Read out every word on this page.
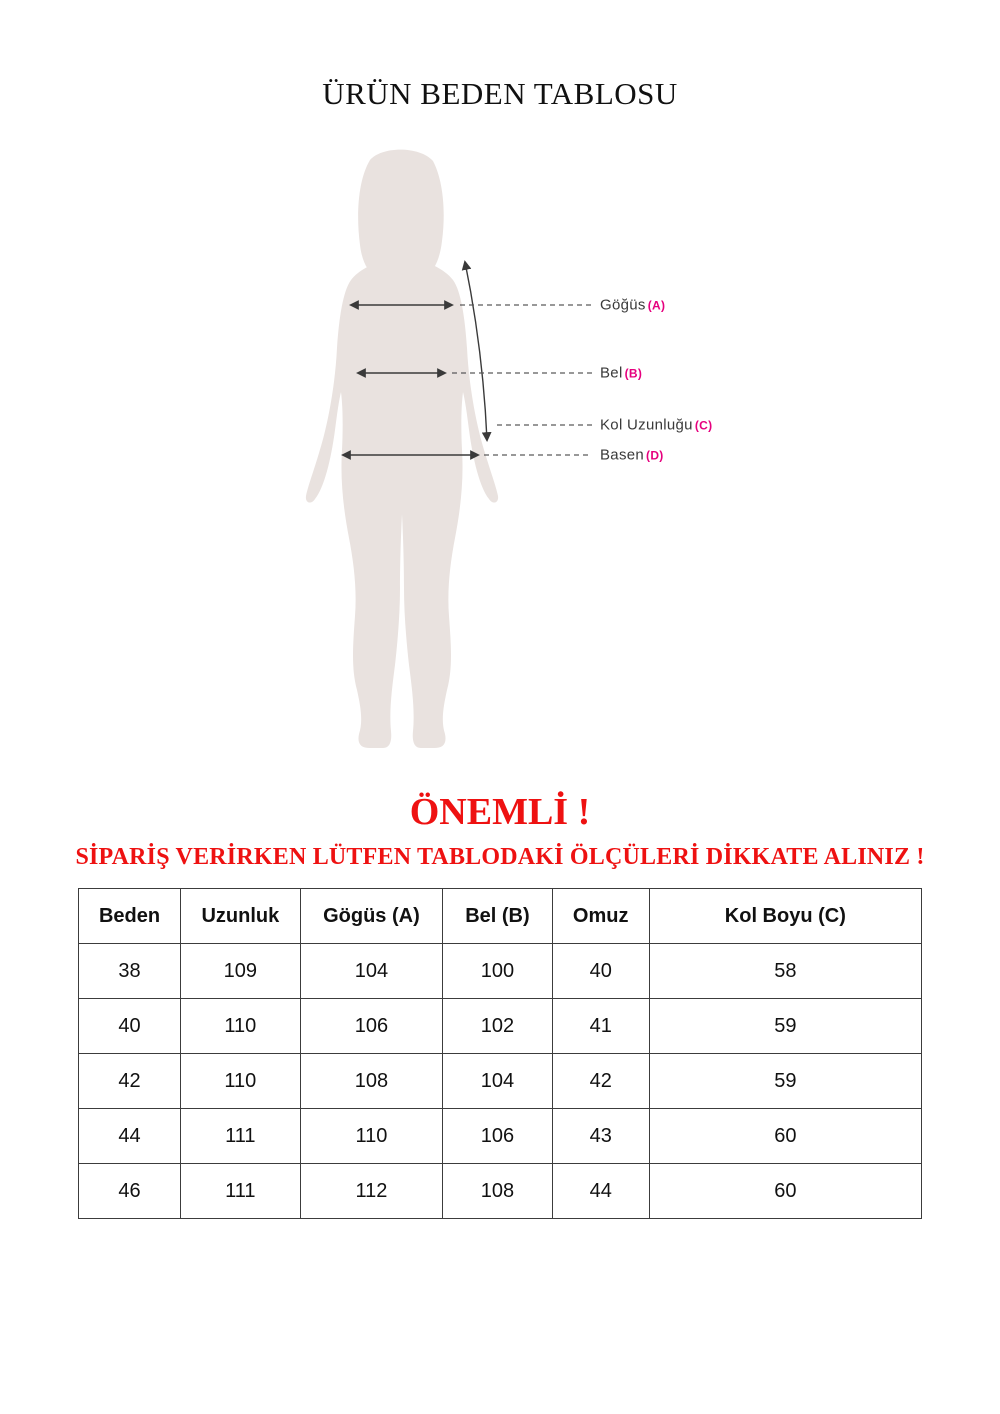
ÜRÜN BEDEN TABLOSU
Göğüs (A)
Bel (B)
Kol Uzunluğu (C)
Basen (D)
ÖNEMLİ !
SİPARİŞ VERİRKEN LÜTFEN TABLODAKİ ÖLÇÜLERİ DİKKATE ALINIZ !
Beden	Uzunluk	Gögüs (A)	Bel (B)	Omuz	Kol Boyu (C)
38	109	104	100	40	58
40	110	106	102	41	59
42	110	108	104	42	59
44	111	110	106	43	60
46	111	112	108	44	60
